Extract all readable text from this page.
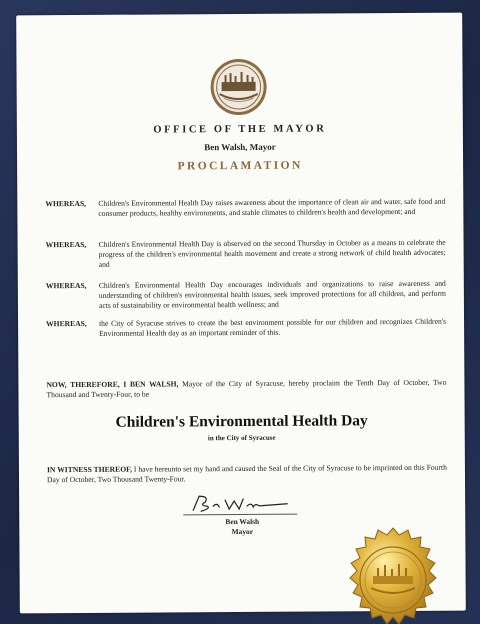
OFFICE OF THE MAYOR
Ben Walsh, Mayor
PROCLAMATION
WHEREAS,	Children's Environmental Health Day raises awareness about the importance of clean air and water, safe food and consumer products, healthy environments, and stable climates to children's health and development; and
WHEREAS,	Children's Environmental Health Day is observed on the second Thursday in October as a means to celebrate the progress of the children's environmental health movement and create a strong network of child health advocates; and
WHEREAS,	Children's Environmental Health Day encourages individuals and organizations to raise awareness and understanding of children's environmental health issues, seek improved protections for all children, and perform acts of sustainability or environmental health wellness; and
WHEREAS,	the City of Syracuse strives to create the best environment possible for our children and recognizes Children's Environmental Health day as an important reminder of this.
NOW, THEREFORE, I BEN WALSH, Mayor of the City of Syracuse, hereby proclaim the Tenth Day of October, Two Thousand and Twenty-Four, to be
Children's Environmental Health Day
in the City of Syracuse
IN WITNESS THEREOF, I have hereunto set my hand and caused the Seal of the City of Syracuse to be imprinted on this Fourth Day of October, Two Thousand Twenty-Four.
Ben Walsh
Mayor
